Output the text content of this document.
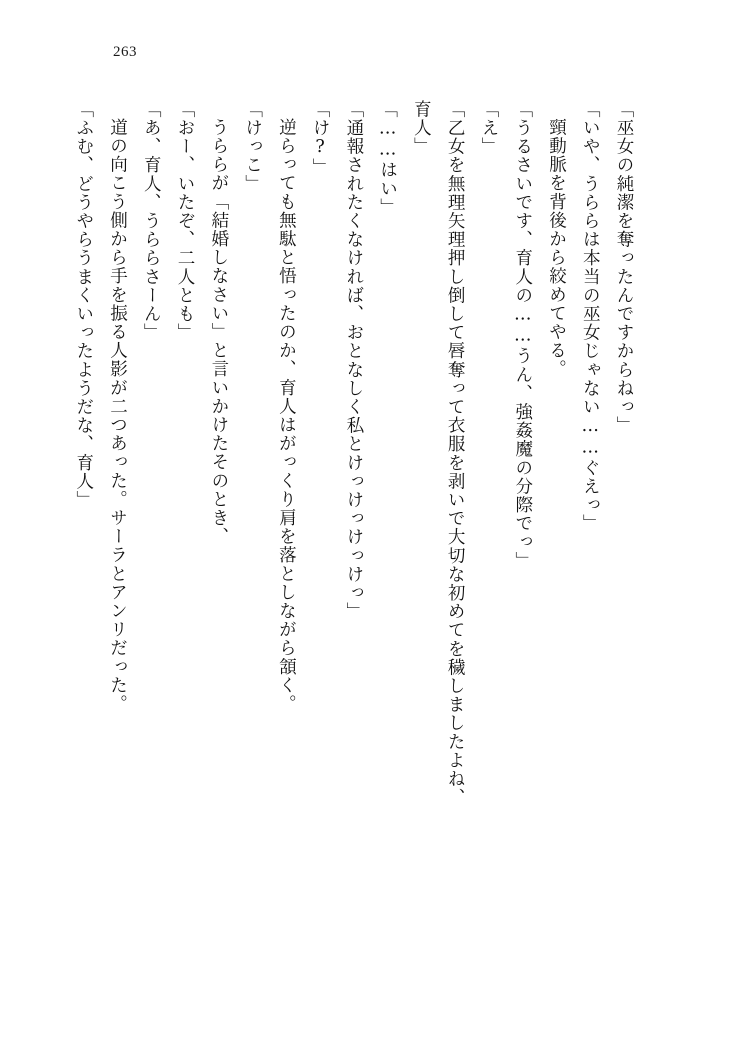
263
「巫女の純潔を奪ったんですからねっ」
「いや、うららは本当の巫女じゃない……ぐえっ」
頸動脈を背後から絞めてやる。
「うるさいです、育人の……うん、強姦魔の分際でっ」
「え」
「乙女を無理矢理押し倒して唇奪って衣服を剥いで大切な初めてを穢しましたよね、
育人」
「……はい」
「通報されたくなければ、おとなしく私とけっけっけっけっ」
「け?」
逆らっても無駄と悟ったのか、育人はがっくり肩を落としながら頷く。
「けっこ」
うららが「結婚しなさい」と言いかけたそのとき、
「おー、いたぞ、二人とも」
「あ、育人、うららさーん」
道の向こう側から手を振る人影が二つあった。サーラとアンリだった。
「ふむ、どうやらうまくいったようだな、育人」
